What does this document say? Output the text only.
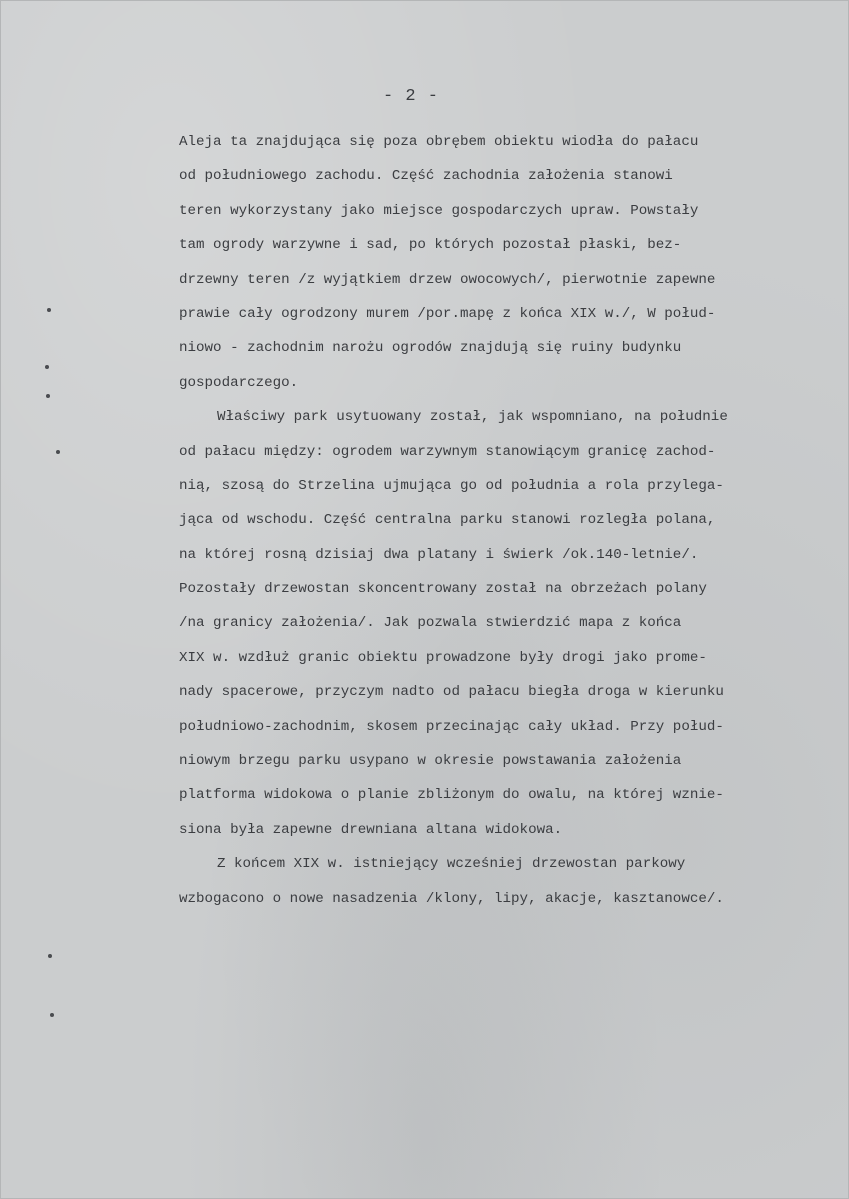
- 2 -
Aleja ta znajdująca się poza obrębem obiektu wiodła do pałacu
od południowego zachodu. Część zachodnia założenia stanowi
teren wykorzystany jako miejsce gospodarczych upraw. Powstały
tam ogrody warzywne i sad, po których pozostał płaski, bez-
drzewny teren /z wyjątkiem drzew owocowych/, pierwotnie zapewne
prawie cały ogrodzony murem /por.mapę z końca XIX w./, W połud-
niowo - zachodnim narożu ogrodów znajdują się ruiny budynku
gospodarczego.
Właściwy park usytuowany został, jak wspomniano, na południe
od pałacu między: ogrodem warzywnym stanowiącym granicę zachod-
nią, szosą do Strzelina ujmująca go od południa a rola przylega-
jąca od wschodu. Część centralna parku stanowi rozległa polana,
na której rosną dzisiaj dwa platany i świerk /ok.140-letnie/.
Pozostały drzewostan skoncentrowany został na obrzeżach polany
/na granicy założenia/. Jak pozwala stwierdzić mapa z końca
XIX w. wzdłuż granic obiektu prowadzone były drogi jako prome-
nady spacerowe, przyczym nadto od pałacu biegła droga w kierunku
południowo-zachodnim, skosem przecinając cały układ. Przy połud-
niowym brzegu parku usypano w okresie powstawania założenia
platforma widokowa o planie zbliżonym do owalu, na której wznie-
siona była zapewne drewniana altana widokowa.
Z końcem XIX w. istniejący wcześniej drzewostan parkowy
wzbogacono o nowe nasadzenia /klony, lipy, akacje, kasztanowce/.
